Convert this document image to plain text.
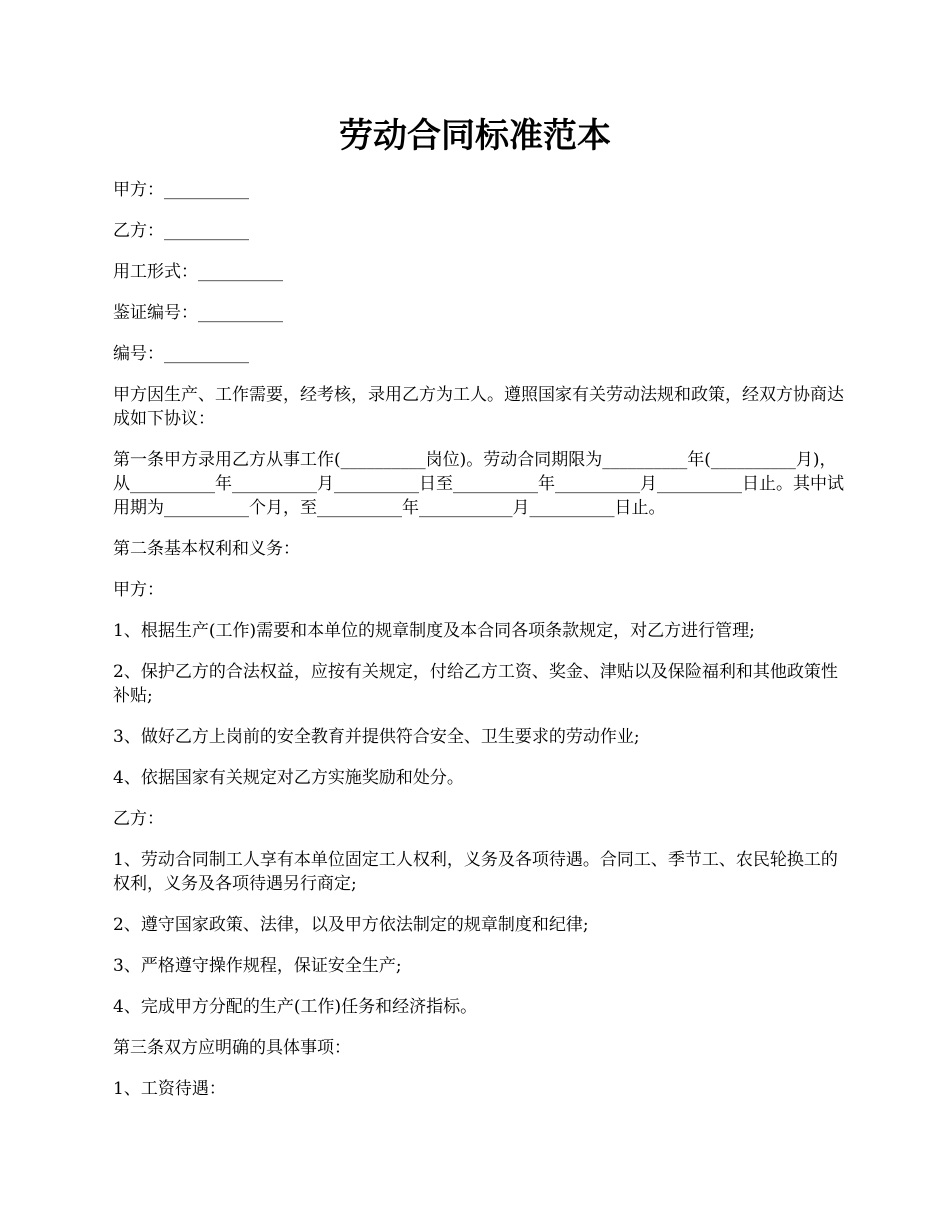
劳动合同标准范本

甲方：__________

乙方：__________

用工形式：__________

鉴证编号：__________

编号：__________

甲方因生产、工作需要，经考核，录用乙方为工人。遵照国家有关劳动法规和政策，经双方协商达成如下协议：

第一条甲方录用乙方从事工作(__________岗位)。劳动合同期限为__________年(__________月)，从__________年__________月__________日至__________年__________月__________日止。其中试用期为__________个月，至__________年___________月__________日止。

第二条基本权利和义务：

甲方：

1、根据生产(工作)需要和本单位的规章制度及本合同各项条款规定，对乙方进行管理;

2、保护乙方的合法权益，应按有关规定，付给乙方工资、奖金、津贴以及保险福利和其他政策性补贴;

3、做好乙方上岗前的安全教育并提供符合安全、卫生要求的劳动作业;

4、依据国家有关规定对乙方实施奖励和处分。

乙方：

1、劳动合同制工人享有本单位固定工人权利，义务及各项待遇。合同工、季节工、农民轮换工的权利，义务及各项待遇另行商定;

2、遵守国家政策、法律，以及甲方依法制定的规章制度和纪律;

3、严格遵守操作规程，保证安全生产;

4、完成甲方分配的生产(工作)任务和经济指标。

第三条双方应明确的具体事项：

1、工资待遇：
